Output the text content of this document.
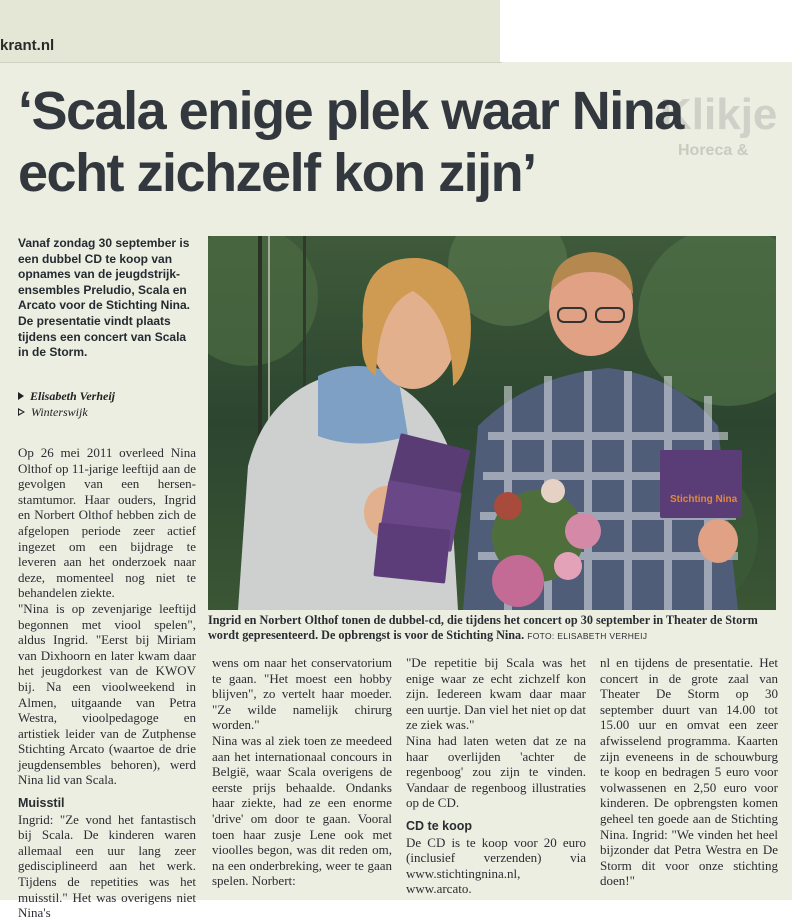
krant.nl
Klikje
Horeca &
‘Scala enige plek waar Nina echt zichzelf kon zijn’

Vanaf zondag 30 september is een dubbel CD te koop van opnames van de jeugdstrijk-ensembles Preludio, Scala en Arcato voor de Stichting Nina. De presentatie vindt plaats tijdens een concert van Scala in de Storm.

Elisabeth Verheij
Winterswijk
Stichting Nina

Ingrid en Norbert Olthof tonen de dubbel-cd, die tijdens het concert op 30 september in Theater de Storm wordt gepresenteerd. De opbrengst is voor de Stichting Nina. FOTO: ELISABETH VERHEIJ

Op 26 mei 2011 overleed Nina Olthof op 11-jarige leeftijd aan de gevolgen van een hersen-stamtumor. Haar ouders, Ingrid en Norbert Olthof hebben zich de afgelopen periode zeer actief ingezet om een bijdrage te leveren aan het onderzoek naar deze, momenteel nog niet te behandelen ziekte.

"Nina is op zevenjarige leeftijd begonnen met viool spelen", aldus Ingrid. "Eerst bij Miriam van Dixhoorn en later kwam daar het jeugdorkest van de KWOV bij. Na een vioolweekend in Almen, uitgaande van Petra Westra, vioolpedagoge en artistiek leider van de Zutphense Stichting Arcato (waartoe de drie jeugdensembles behoren), werd Nina lid van Scala.

Muisstil

Ingrid: "Ze vond het fantastisch bij Scala. De kinderen waren allemaal een uur lang zeer gedisciplineerd aan het werk. Tijdens de repetities was het muisstil." Het was overigens niet Nina's

wens om naar het conservatorium te gaan. "Het moest een hobby blijven", zo vertelt haar moeder. "Ze wilde namelijk chirurg worden."

Nina was al ziek toen ze meedeed aan het internationaal concours in België, waar Scala overigens de eerste prijs behaalde. Ondanks haar ziekte, had ze een enorme 'drive' om door te gaan. Vooral toen haar zusje Lene ook met vioolles begon, was dit reden om, na een onderbreking, weer te gaan spelen. Norbert:

"De repetitie bij Scala was het enige waar ze echt zichzelf kon zijn. Iedereen kwam daar maar een uurtje. Dan viel het niet op dat ze ziek was."

Nina had laten weten dat ze na haar overlijden 'achter de regenboog' zou zijn te vinden. Vandaar de regenboog illustraties op de CD.

CD te koop

De CD is te koop voor 20 euro (inclusief verzenden) via www.stichtingnina.nl, www.arcato.

nl en tijdens de presentatie. Het concert in de grote zaal van Theater De Storm op 30 september duurt van 14.00 tot 15.00 uur en omvat een zeer afwisselend programma. Kaarten zijn eveneens in de schouwburg te koop en bedragen 5 euro voor volwassenen en 2,50 euro voor kinderen. De opbrengsten komen geheel ten goede aan de Stichting Nina. Ingrid: "We vinden het heel bijzonder dat Petra Westra en De Storm dit voor onze stichting doen!"
